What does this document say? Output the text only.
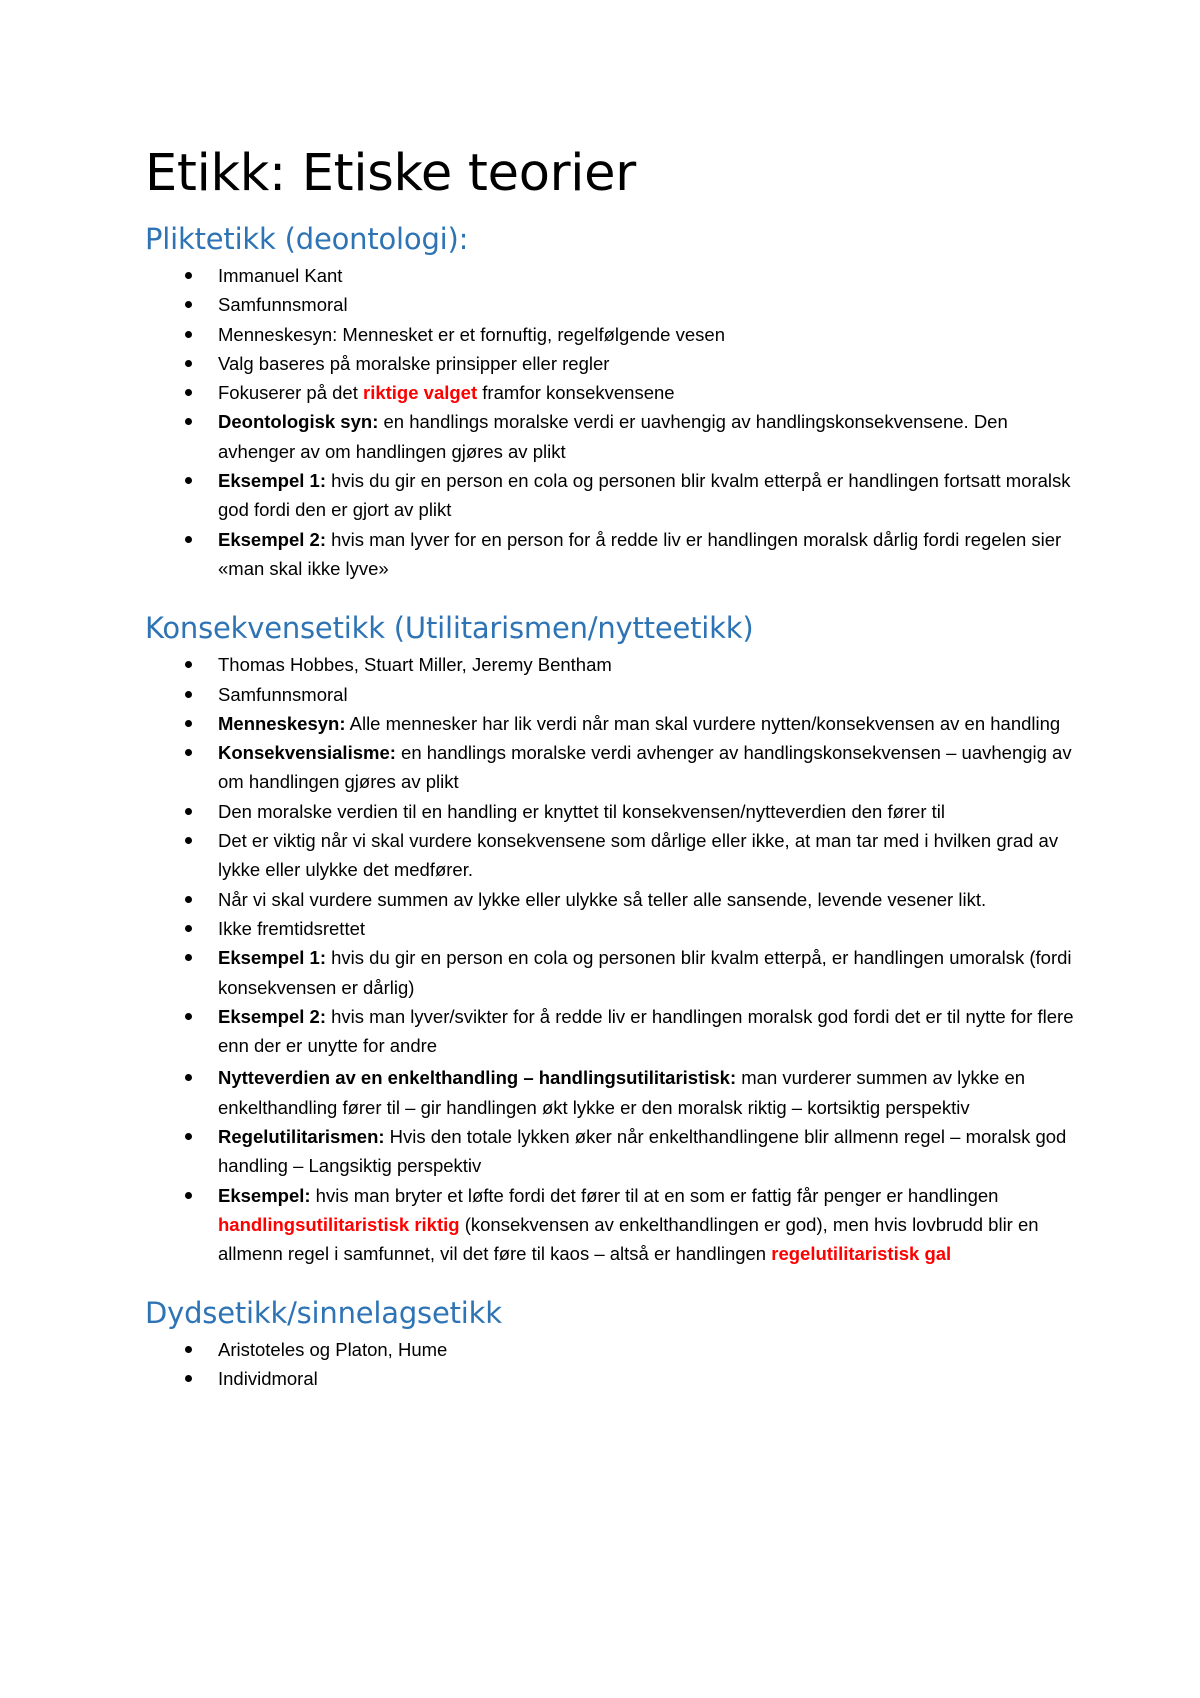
Etikk: Etiske teorier
Pliktetikk (deontologi):
Immanuel Kant
Samfunnsmoral
Menneskesyn: Mennesket er et fornuftig, regelfølgende vesen
Valg baseres på moralske prinsipper eller regler
Fokuserer på det riktige valget framfor konsekvensene
Deontologisk syn: en handlings moralske verdi er uavhengig av handlingskonsekvensene. Den avhenger av om handlingen gjøres av plikt
Eksempel 1: hvis du gir en person en cola og personen blir kvalm etterpå er handlingen fortsatt moralsk god fordi den er gjort av plikt
Eksempel 2: hvis man lyver for en person for å redde liv er handlingen moralsk dårlig fordi regelen sier «man skal ikke lyve»
Konsekvensetikk (Utilitarismen/nytteetikk)
Thomas Hobbes, Stuart Miller, Jeremy Bentham
Samfunnsmoral
Menneskesyn: Alle mennesker har lik verdi når man skal vurdere nytten/konsekvensen av en handling
Konsekvensialisme: en handlings moralske verdi avhenger av handlingskonsekvensen – uavhengig av om handlingen gjøres av plikt
Den moralske verdien til en handling er knyttet til konsekvensen/nytteverdien den fører til
Det er viktig når vi skal vurdere konsekvensene som dårlige eller ikke, at man tar med i hvilken grad av lykke eller ulykke det medfører.
Når vi skal vurdere summen av lykke eller ulykke så teller alle sansende, levende vesener likt.
Ikke fremtidsrettet
Eksempel 1: hvis du gir en person en cola og personen blir kvalm etterpå, er handlingen umoralsk (fordi konsekvensen er dårlig)
Eksempel 2: hvis man lyver/svikter for å redde liv er handlingen moralsk god fordi det er til nytte for flere enn der er unytte for andre
Nytteverdien av en enkelthandling – handlingsutilitaristisk: man vurderer summen av lykke en enkelthandling fører til – gir handlingen økt lykke er den moralsk riktig – kortsiktig perspektiv
Regelutilitarismen: Hvis den totale lykken øker når enkelthandlingene blir allmenn regel – moralsk god handling – Langsiktig perspektiv
Eksempel: hvis man bryter et løfte fordi det fører til at en som er fattig får penger er handlingen handlingsutilitaristisk riktig (konsekvensen av enkelthandlingen er god), men hvis lovbrudd blir en allmenn regel i samfunnet, vil det føre til kaos – altså er handlingen regelutilitaristisk gal
Dydsetikk/sinnelagsetikk
Aristoteles og Platon, Hume
Individmoral
